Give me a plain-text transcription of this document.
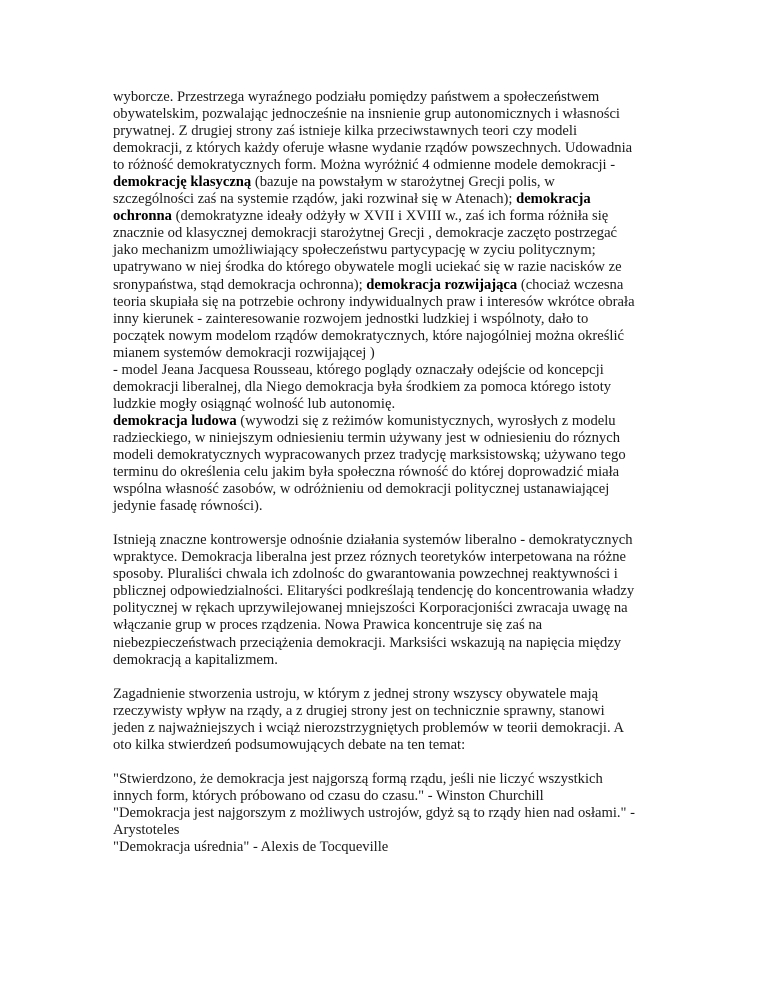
wyborcze. Przestrzega wyraźnego podziału pomiędzy państwem a społeczeństwem
obywatelskim, pozwalając jednocześnie na insnienie grup autonomicznych i własności
prywatnej. Z drugiej strony zaś istnieje kilka przeciwstawnych teori czy modeli
demokracji, z których każdy oferuje własne wydanie rządów powszechnych. Udowadnia
to różność demokratycznych form. Można wyróżnić 4 odmienne modele demokracji -
demokrację klasyczną (bazuje na powstałym w starożytnej Grecji polis, w
szczególności zaś na systemie rządów, jaki rozwinał się w Atenach); demokracja
ochronna (demokratyzne ideały odżyły w XVII i XVIII w., zaś ich forma różniła się
znacznie od klasycznej demokracji starożytnej Grecji , demokracje zaczęto postrzegać
jako mechanizm umożliwiający społeczeństwu partycypację w zyciu politycznym;
upatrywano w niej środka do którego obywatele mogli uciekać się w razie nacisków ze
sronypaństwa, stąd demokracja ochronna); demokracja rozwijająca (chociaż wczesna
teoria skupiała się na potrzebie ochrony indywidualnych praw i interesów wkrótce obrała
inny kierunek - zainteresowanie rozwojem jednostki ludzkiej i wspólnoty, dało to
początek nowym modelom rządów demokratycznych, które najogólniej można określić
mianem systemów demokracji rozwijającej )
- model Jeana Jacquesa Rousseau, którego poglądy oznaczały odejście od koncepcji
demokracji liberalnej, dla Niego demokracja była środkiem za pomoca którego istoty
ludzkie mogły osiągnąć wolność lub autonomię.
demokracja ludowa (wywodzi się z reżimów komunistycznych, wyrosłych z modelu
radzieckiego, w niniejszym odniesieniu termin używany jest w odniesieniu do róznych
modeli demokratycznych wypracowanych przez tradycję marksistowską; używano tego
terminu do określenia celu jakim była społeczna równość do której doprowadzić miała
wspólna własność zasobów, w odróżnieniu od demokracji politycznej ustanawiającej
jedynie fasadę równości).
Istnieją znaczne kontrowersje odnośnie działania systemów liberalno - demokratycznych
wpraktyce. Demokracja liberalna jest przez róznych teoretyków interpetowana na różne
sposoby. Pluraliści chwala ich zdolnośc do gwarantowania powzechnej reaktywności i
pblicznej odpowiedzialności. Elitaryści podkreślają tendencję do koncentrowania władzy
politycznej w rękach uprzywilejowanej mniejszości Korporacjoniści zwracaja uwagę na
włączanie grup w proces rządzenia. Nowa Prawica koncentruje się zaś na
niebezpieczeństwach przeciążenia demokracji. Marksiści wskazują na napięcia między
demokracją a kapitalizmem.
Zagadnienie stworzenia ustroju, w którym z jednej strony wszyscy obywatele mają
rzeczywisty wpływ na rządy, a z drugiej strony jest on technicznie sprawny, stanowi
jeden z najważniejszych i wciąż nierozstrzygniętych problemów w teorii demokracji. A
oto kilka stwierdzeń podsumowujących debate na ten temat:
"Stwierdzono, że demokracja jest najgorszą formą rządu, jeśli nie liczyć wszystkich
innych form, których próbowano od czasu do czasu." - Winston Churchill
"Demokracja jest najgorszym z możliwych ustrojów, gdyż są to rządy hien nad osłami." -
Arystoteles
"Demokracja uśrednia" - Alexis de Tocqueville
